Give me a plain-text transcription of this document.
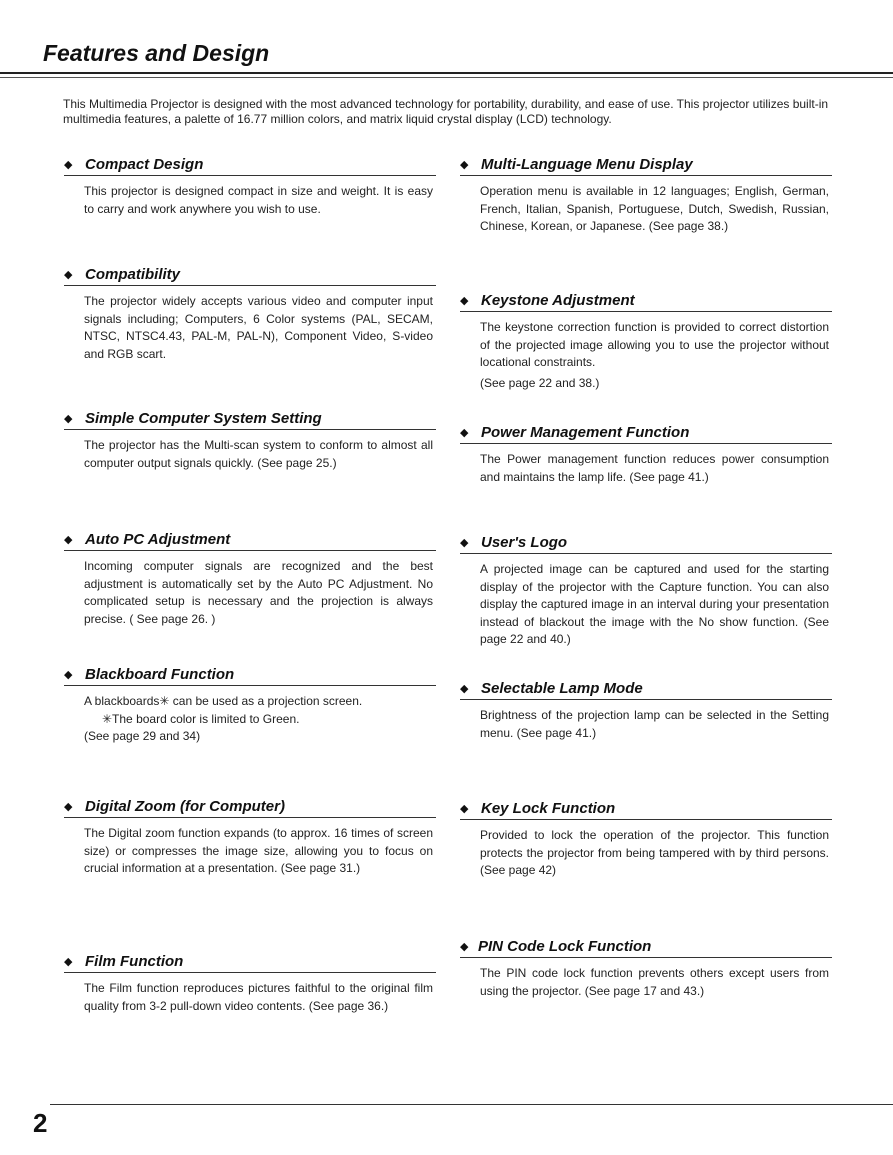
Features and Design

This Multimedia Projector is designed with the most advanced technology for portability, durability, and ease of use. This projector utilizes built-in multimedia features, a palette of 16.77 million colors, and matrix liquid crystal display (LCD) technology.

◆ Compact Design

This projector is designed compact in size and weight. It is easy to carry and work anywhere you wish to use.

◆ Compatibility

The projector widely accepts various video and computer input signals including; Computers, 6 Color systems (PAL, SECAM, NTSC, NTSC4.43, PAL-M, PAL-N), Component Video, S-video and RGB scart.

◆ Simple Computer System Setting

The projector has the Multi-scan system to conform to almost all computer output signals quickly. (See page 25.)

◆ Auto PC Adjustment

Incoming computer signals are recognized and the best adjustment is automatically set by the Auto PC Adjustment. No complicated setup is necessary and the projection is always precise. ( See page 26. )

◆ Blackboard Function

A blackboards✳ can be used as a projection screen.

✳The board color is limited to Green.

(See page 29 and 34)

◆ Digital Zoom (for Computer)

The Digital zoom function expands (to approx. 16 times of screen size) or compresses the image size, allowing you to focus on crucial information at a presentation. (See page 31.)

◆ Film Function

The Film function reproduces pictures faithful to the original film quality from 3-2 pull-down video contents. (See page 36.)

◆ Multi-Language Menu Display

Operation menu is available in 12 languages; English, German, French, Italian, Spanish, Portuguese, Dutch, Swedish, Russian, Chinese, Korean, or Japanese. (See page 38.)

◆ Keystone Adjustment

The keystone correction function is provided to correct distortion of the projected image allowing you to use the projector without locational constraints.

(See page 22 and 38.)

◆ Power Management Function

The Power management function reduces power consumption and maintains the lamp life. (See page 41.)

◆ User's Logo

A projected image can be captured and used for the starting display of the projector with the Capture function. You can also display the captured image in an interval during your presentation instead of blackout the image with the No show function. (See page 22 and 40.)

◆ Selectable Lamp Mode

Brightness of the projection lamp can be selected in the Setting menu. (See page 41.)

◆ Key Lock Function

Provided to lock the operation of the projector. This function protects the projector from being tampered with by third persons. (See page 42)

◆ PIN Code Lock Function

The PIN code lock function prevents others except users from using the projector. (See page 17 and 43.)

2
